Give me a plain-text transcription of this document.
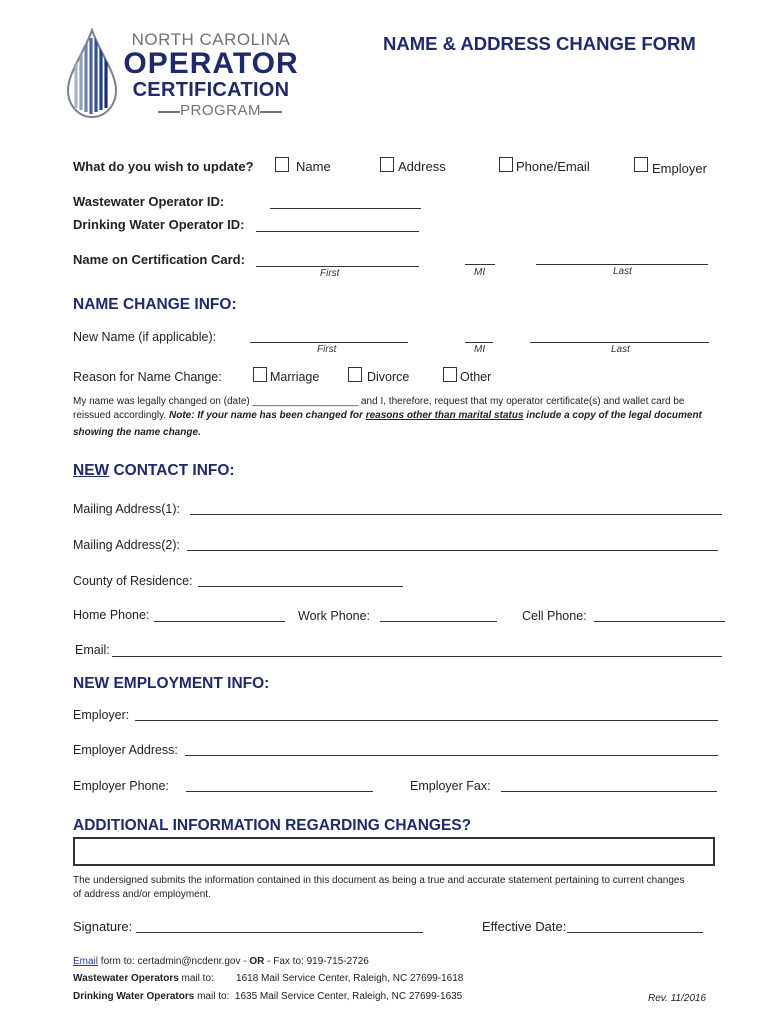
NORTH CAROLINA
OPERATOR
CERTIFICATION
PROGRAM
NAME & ADDRESS CHANGE FORM
What do you wish to update?	Name	Address	Phone/Email	Employer
Wastewater Operator ID:
Drinking Water Operator ID:
Name on Certification Card:
First	MI	Last
NAME CHANGE INFO:
New Name (if applicable):
First	MI	Last
Reason for Name Change:	Marriage	Divorce	Other
My name was legally changed on (date) ___________________ and I, therefore, request that my operator certificate(s) and wallet card be
reissued accordingly. Note: If your name has been changed for reasons other than marital status include a copy of the legal document
showing the name change.
NEW CONTACT INFO:
Mailing Address(1):
Mailing Address(2):
County of Residence:
Home Phone:	Work Phone:	Cell Phone:
Email:
NEW EMPLOYMENT INFO:
Employer:
Employer Address:
Employer Phone:	Employer Fax:
ADDITIONAL INFORMATION REGARDING CHANGES?
The undersigned submits the information contained in this document as being a true and accurate statement pertaining to current changes
of address and/or employment.
Signature:	Effective Date:
Email form to: certadmin@ncdenr.gov - OR - Fax to: 919-715-2726
Wastewater Operators mail to:        1618 Mail Service Center, Raleigh, NC 27699-1618
Drinking Water Operators mail to:  1635 Mail Service Center, Raleigh, NC 27699-1635	Rev. 11/2016
